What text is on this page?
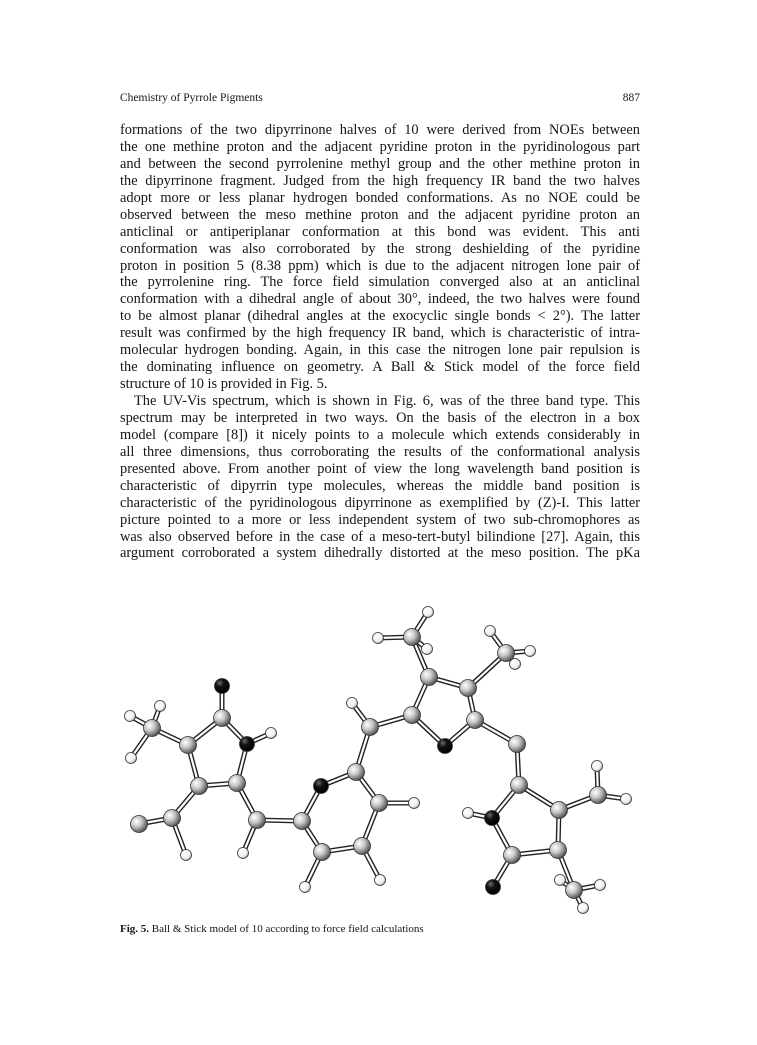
Chemistry of Pyrrole Pigments	887
formations of the two dipyrrinone halves of 10 were derived from NOEs between
the one methine proton and the adjacent pyridine proton in the pyridinologous part
and between the second pyrrolenine methyl group and the other methine proton in
the dipyrrinone fragment. Judged from the high frequency IR band the two halves
adopt more or less planar hydrogen bonded conformations. As no NOE could be
observed between the meso methine proton and the adjacent pyridine proton an
anticlinal or antiperiplanar conformation at this bond was evident. This anti
conformation was also corroborated by the strong deshielding of the pyridine
proton in position 5 (8.38 ppm) which is due to the adjacent nitrogen lone pair of
the pyrrolenine ring. The force field simulation converged also at an anticlinal
conformation with a dihedral angle of about 30°, indeed, the two halves were found
to be almost planar (dihedral angles at the exocyclic single bonds < 2°). The latter
result was confirmed by the high frequency IR band, which is characteristic of intra-
molecular hydrogen bonding. Again, in this case the nitrogen lone pair repulsion is
the dominating influence on geometry. A Ball & Stick model of the force field
structure of 10 is provided in Fig. 5.
The UV-Vis spectrum, which is shown in Fig. 6, was of the three band type. This
spectrum may be interpreted in two ways. On the basis of the electron in a box
model (compare [8]) it nicely points to a molecule which extends considerably in
all three dimensions, thus corroborating the results of the conformational analysis
presented above. From another point of view the long wavelength band position is
characteristic of dipyrrin type molecules, whereas the middle band position is
characteristic of the pyridinologous dipyrrinone as exemplified by (Z)-I. This latter
picture pointed to a more or less independent system of two sub-chromophores as
was also observed before in the case of a meso-tert-butyl bilindione [27]. Again, this
argument corroborated a system dihedrally distorted at the meso position. The pKa
Fig. 5. Ball & Stick model of 10 according to force field calculations
